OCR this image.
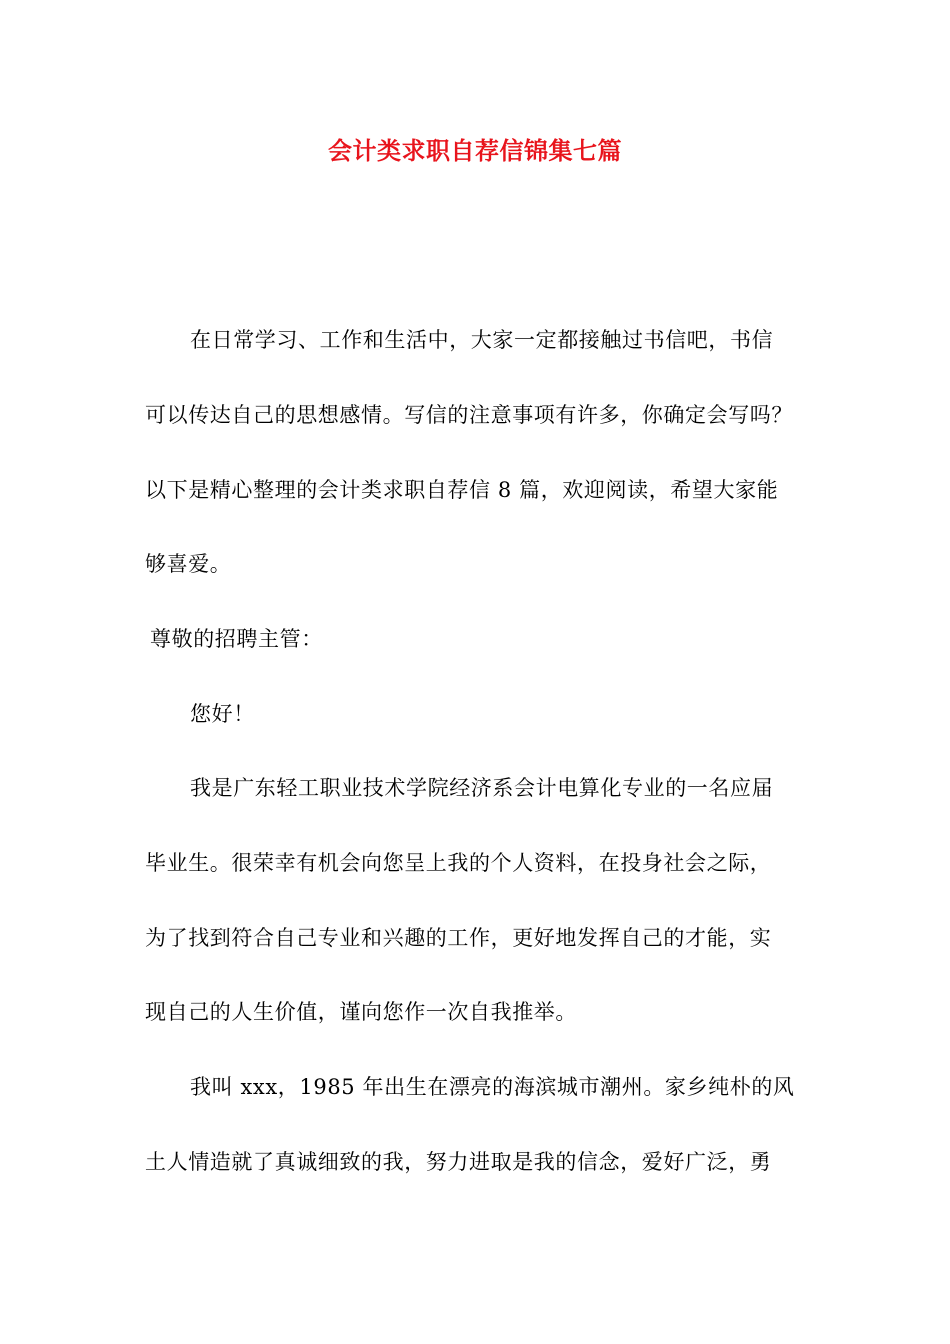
会计类求职自荐信锦集七篇
在日常学习、工作和生活中，大家一定都接触过书信吧，书信
可以传达自己的思想感情。写信的注意事项有许多，你确定会写吗？
以下是精心整理的会计类求职自荐信 8 篇，欢迎阅读，希望大家能
够喜爱。
尊敬的招聘主管：
您好！
我是广东轻工职业技术学院经济系会计电算化专业的一名应届
毕业生。很荣幸有机会向您呈上我的个人资料，在投身社会之际，
为了找到符合自己专业和兴趣的工作，更好地发挥自己的才能，实
现自己的人生价值，谨向您作一次自我推举。
我叫 xxx，1985 年出生在漂亮的海滨城市潮州。家乡纯朴的风
土人情造就了真诚细致的我，努力进取是我的信念，爱好广泛，勇
